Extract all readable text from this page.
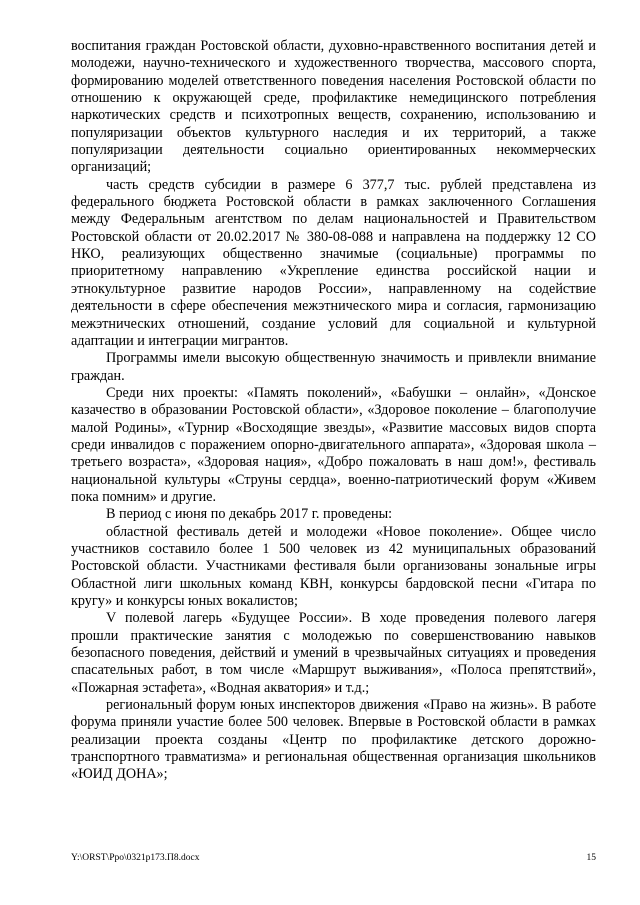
воспитания граждан Ростовской области, духовно-нравственного воспитания детей и молодежи, научно-технического и художественного творчества, массового спорта, формированию моделей ответственного поведения населения Ростовской области по отношению к окружающей среде, профилактике немедицинского потребления наркотических средств и психотропных веществ, сохранению, использованию и популяризации объектов культурного наследия и их территорий, а также популяризации деятельности социально ориентированных некоммерческих организаций;

часть средств субсидии в размере 6 377,7 тыс. рублей представлена из федерального бюджета Ростовской области в рамках заключенного Соглашения между Федеральным агентством по делам национальностей и Правительством Ростовской области от 20.02.2017 № 380-08-088 и направлена на поддержку 12 СО НКО, реализующих общественно значимые (социальные) программы по приоритетному направлению «Укрепление единства российской нации и этнокультурное развитие народов России», направленному на содействие деятельности в сфере обеспечения межэтнического мира и согласия, гармонизацию межэтнических отношений, создание условий для социальной и культурной адаптации и интеграции мигрантов.

Программы имели высокую общественную значимость и привлекли внимание граждан.

Среди них проекты: «Память поколений», «Бабушки – онлайн», «Донское казачество в образовании Ростовской области», «Здоровое поколение – благополучие малой Родины», «Турнир «Восходящие звезды», «Развитие массовых видов спорта среди инвалидов с поражением опорно-двигательного аппарата», «Здоровая школа – третьего возраста», «Здоровая нация», «Добро пожаловать в наш дом!», фестиваль национальной культуры «Струны сердца», военно-патриотический форум «Живем пока помним» и другие.

В период с июня по декабрь 2017 г. проведены:

областной фестиваль детей и молодежи «Новое поколение». Общее число участников составило более 1 500 человек из 42 муниципальных образований Ростовской области. Участниками фестиваля были организованы зональные игры Областной лиги школьных команд КВН, конкурсы бардовской песни «Гитара по кругу» и конкурсы юных вокалистов;

V полевой лагерь «Будущее России». В ходе проведения полевого лагеря прошли практические занятия с молодежью по совершенствованию навыков безопасного поведения, действий и умений в чрезвычайных ситуациях и проведения спасательных работ, в том числе «Маршрут выживания», «Полоса препятствий», «Пожарная эстафета», «Водная акватория» и т.д.;

региональный форум юных инспекторов движения «Право на жизнь». В работе форума приняли участие более 500 человек. Впервые в Ростовской области в рамках реализации проекта созданы «Центр по профилактике детского дорожно-транспортного травматизма» и региональная общественная организация школьников «ЮИД ДОНА»;

Y:\ORST\Ppo\0321p173.П8.docx	15
